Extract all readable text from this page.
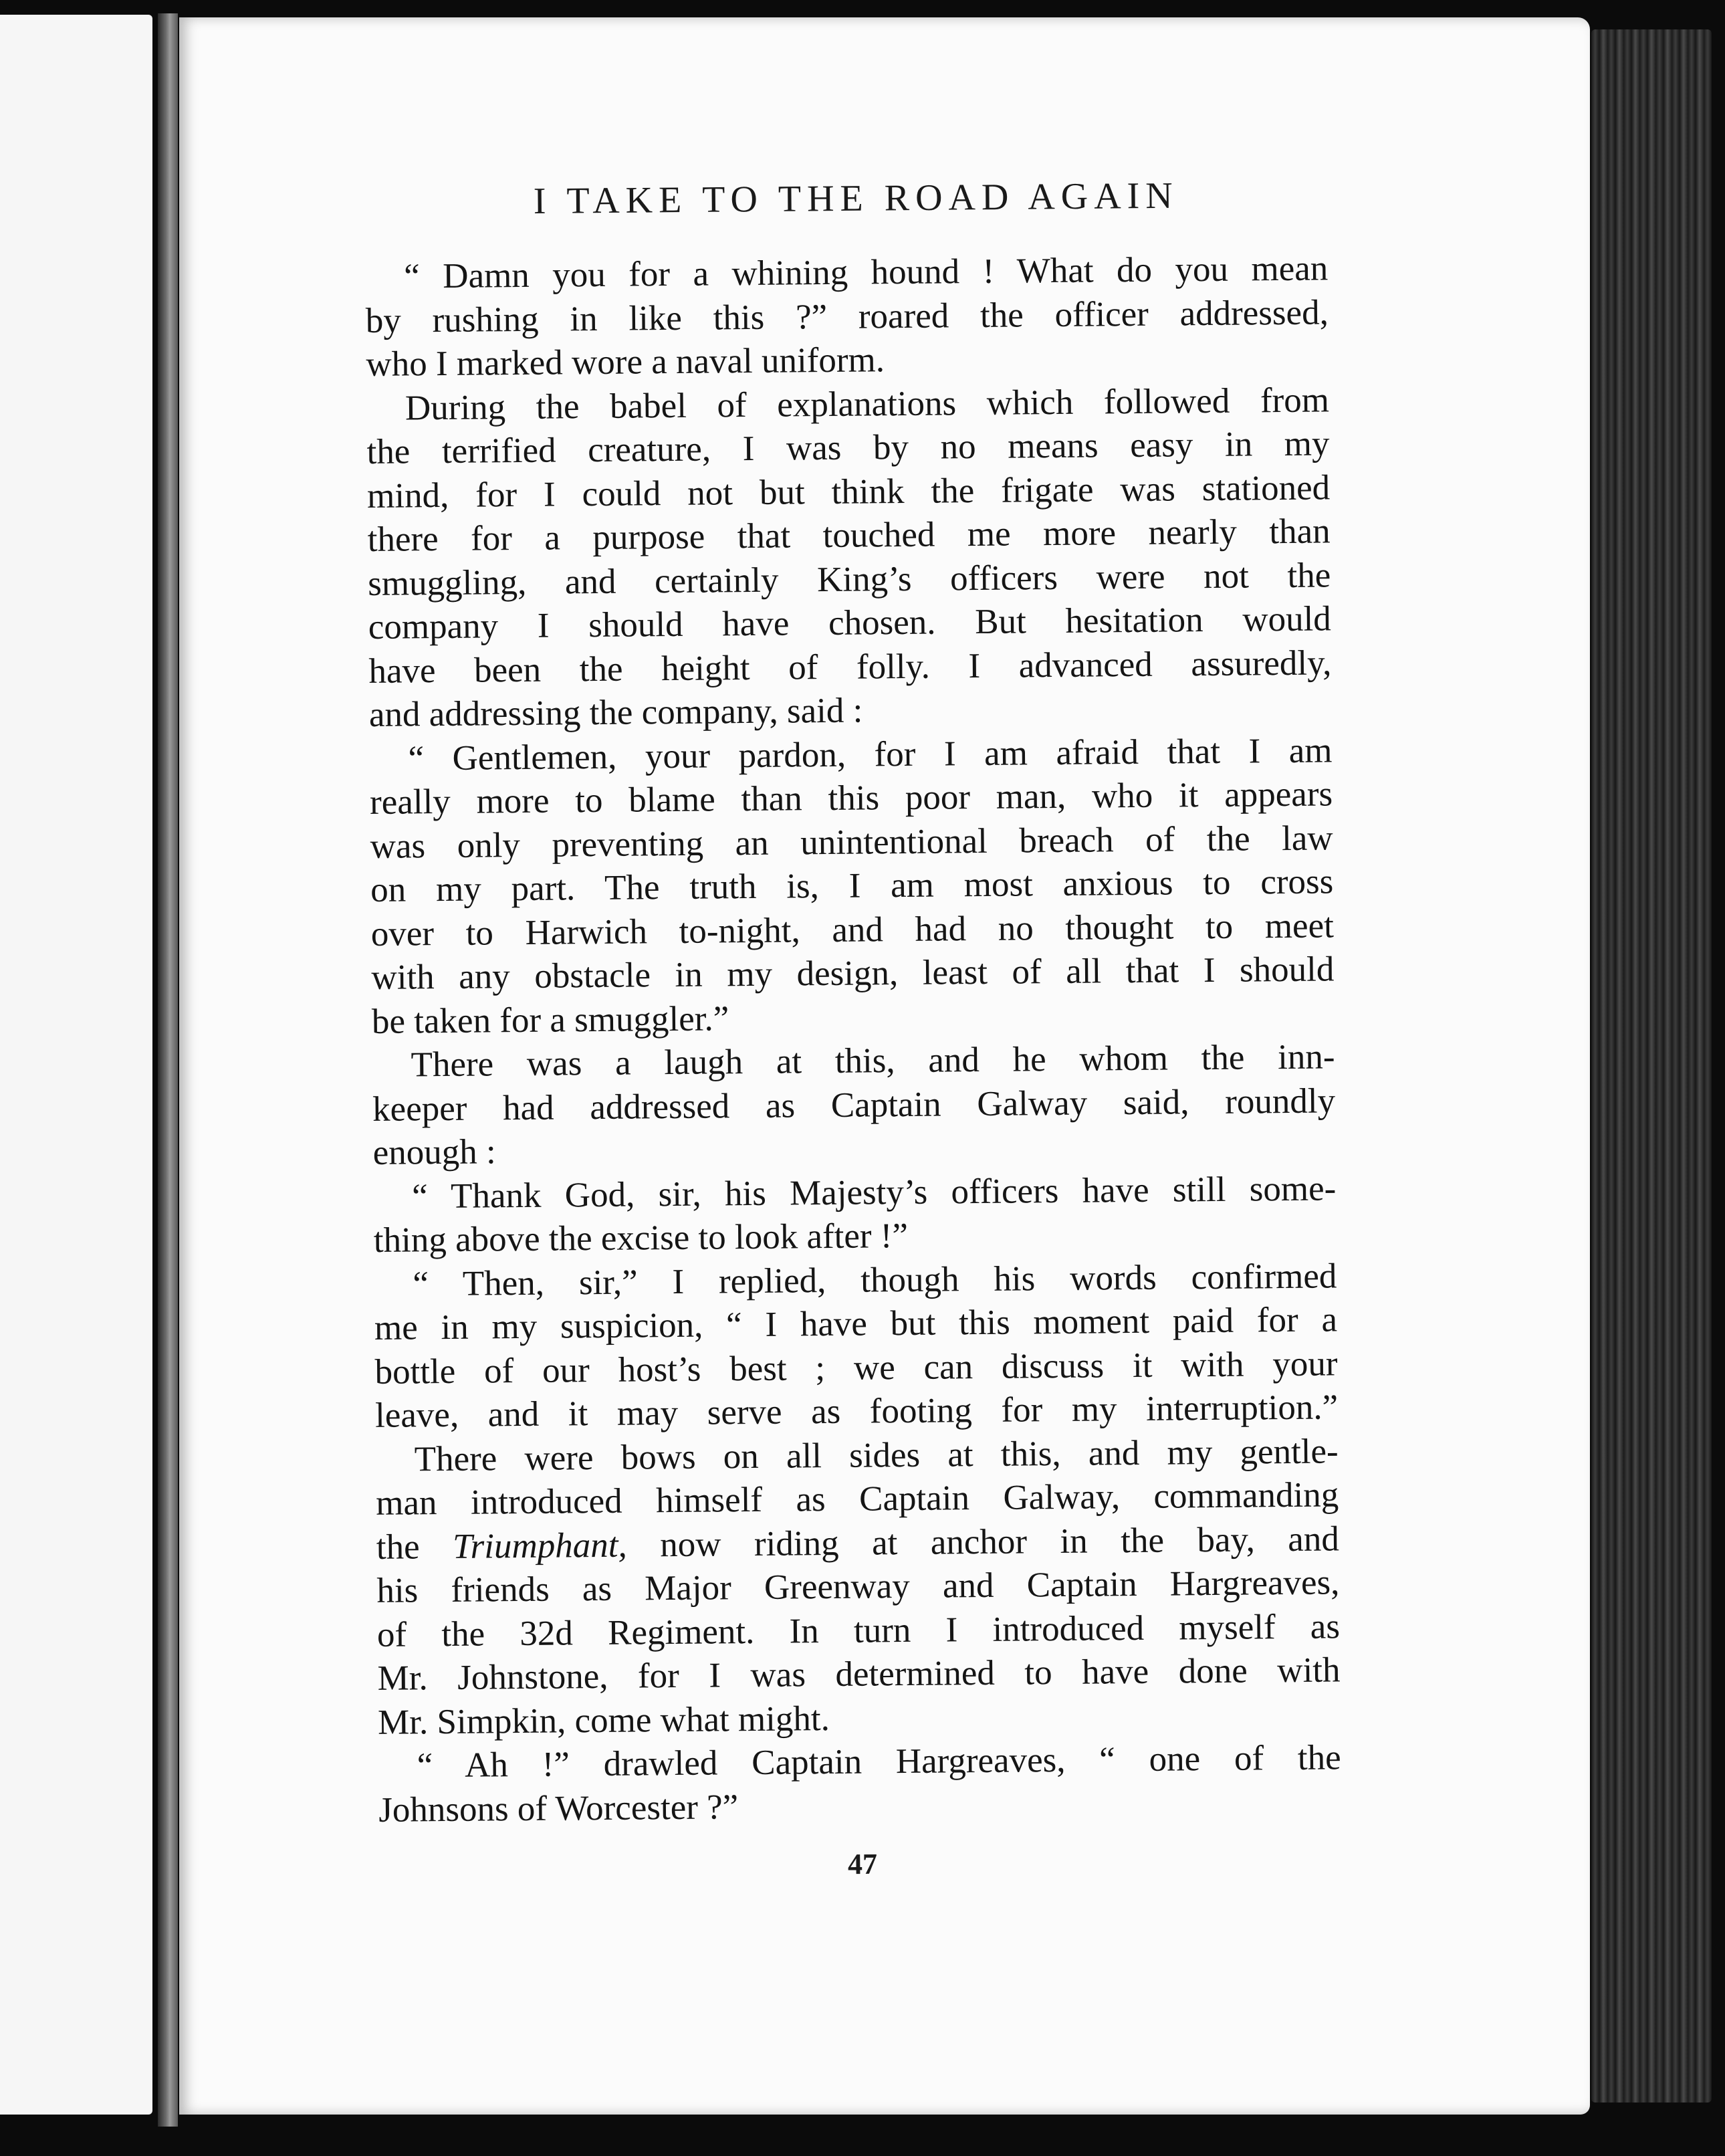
I TAKE TO THE ROAD AGAIN
“ Damn you for a whining hound ! What do you mean
by rushing in like this ?” roared the officer addressed,
who I marked wore a naval uniform.
During the babel of explanations which followed from
the terrified creature, I was by no means easy in my
mind, for I could not but think the frigate was stationed
there for a purpose that touched me more nearly than
smuggling, and certainly King’s officers were not the
company I should have chosen. But hesitation would
have been the height of folly. I advanced assuredly,
and addressing the company, said :
“ Gentlemen, your pardon, for I am afraid that I am
really more to blame than this poor man, who it appears
was only preventing an unintentional breach of the law
on my part. The truth is, I am most anxious to cross
over to Harwich to-night, and had no thought to meet
with any obstacle in my design, least of all that I should
be taken for a smuggler.”
There was a laugh at this, and he whom the inn-
keeper had addressed as Captain Galway said, roundly
enough :
“ Thank God, sir, his Majesty’s officers have still some-
thing above the excise to look after !”
“ Then, sir,” I replied, though his words confirmed
me in my suspicion, “ I have but this moment paid for a
bottle of our host’s best ; we can discuss it with your
leave, and it may serve as footing for my interruption.”
There were bows on all sides at this, and my gentle-
man introduced himself as Captain Galway, commanding
the Triumphant, now riding at anchor in the bay, and
his friends as Major Greenway and Captain Hargreaves,
of the 32d Regiment. In turn I introduced myself as
Mr. Johnstone, for I was determined to have done with
Mr. Simpkin, come what might.
“ Ah !” drawled Captain Hargreaves, “ one of the
Johnsons of Worcester ?”
47
